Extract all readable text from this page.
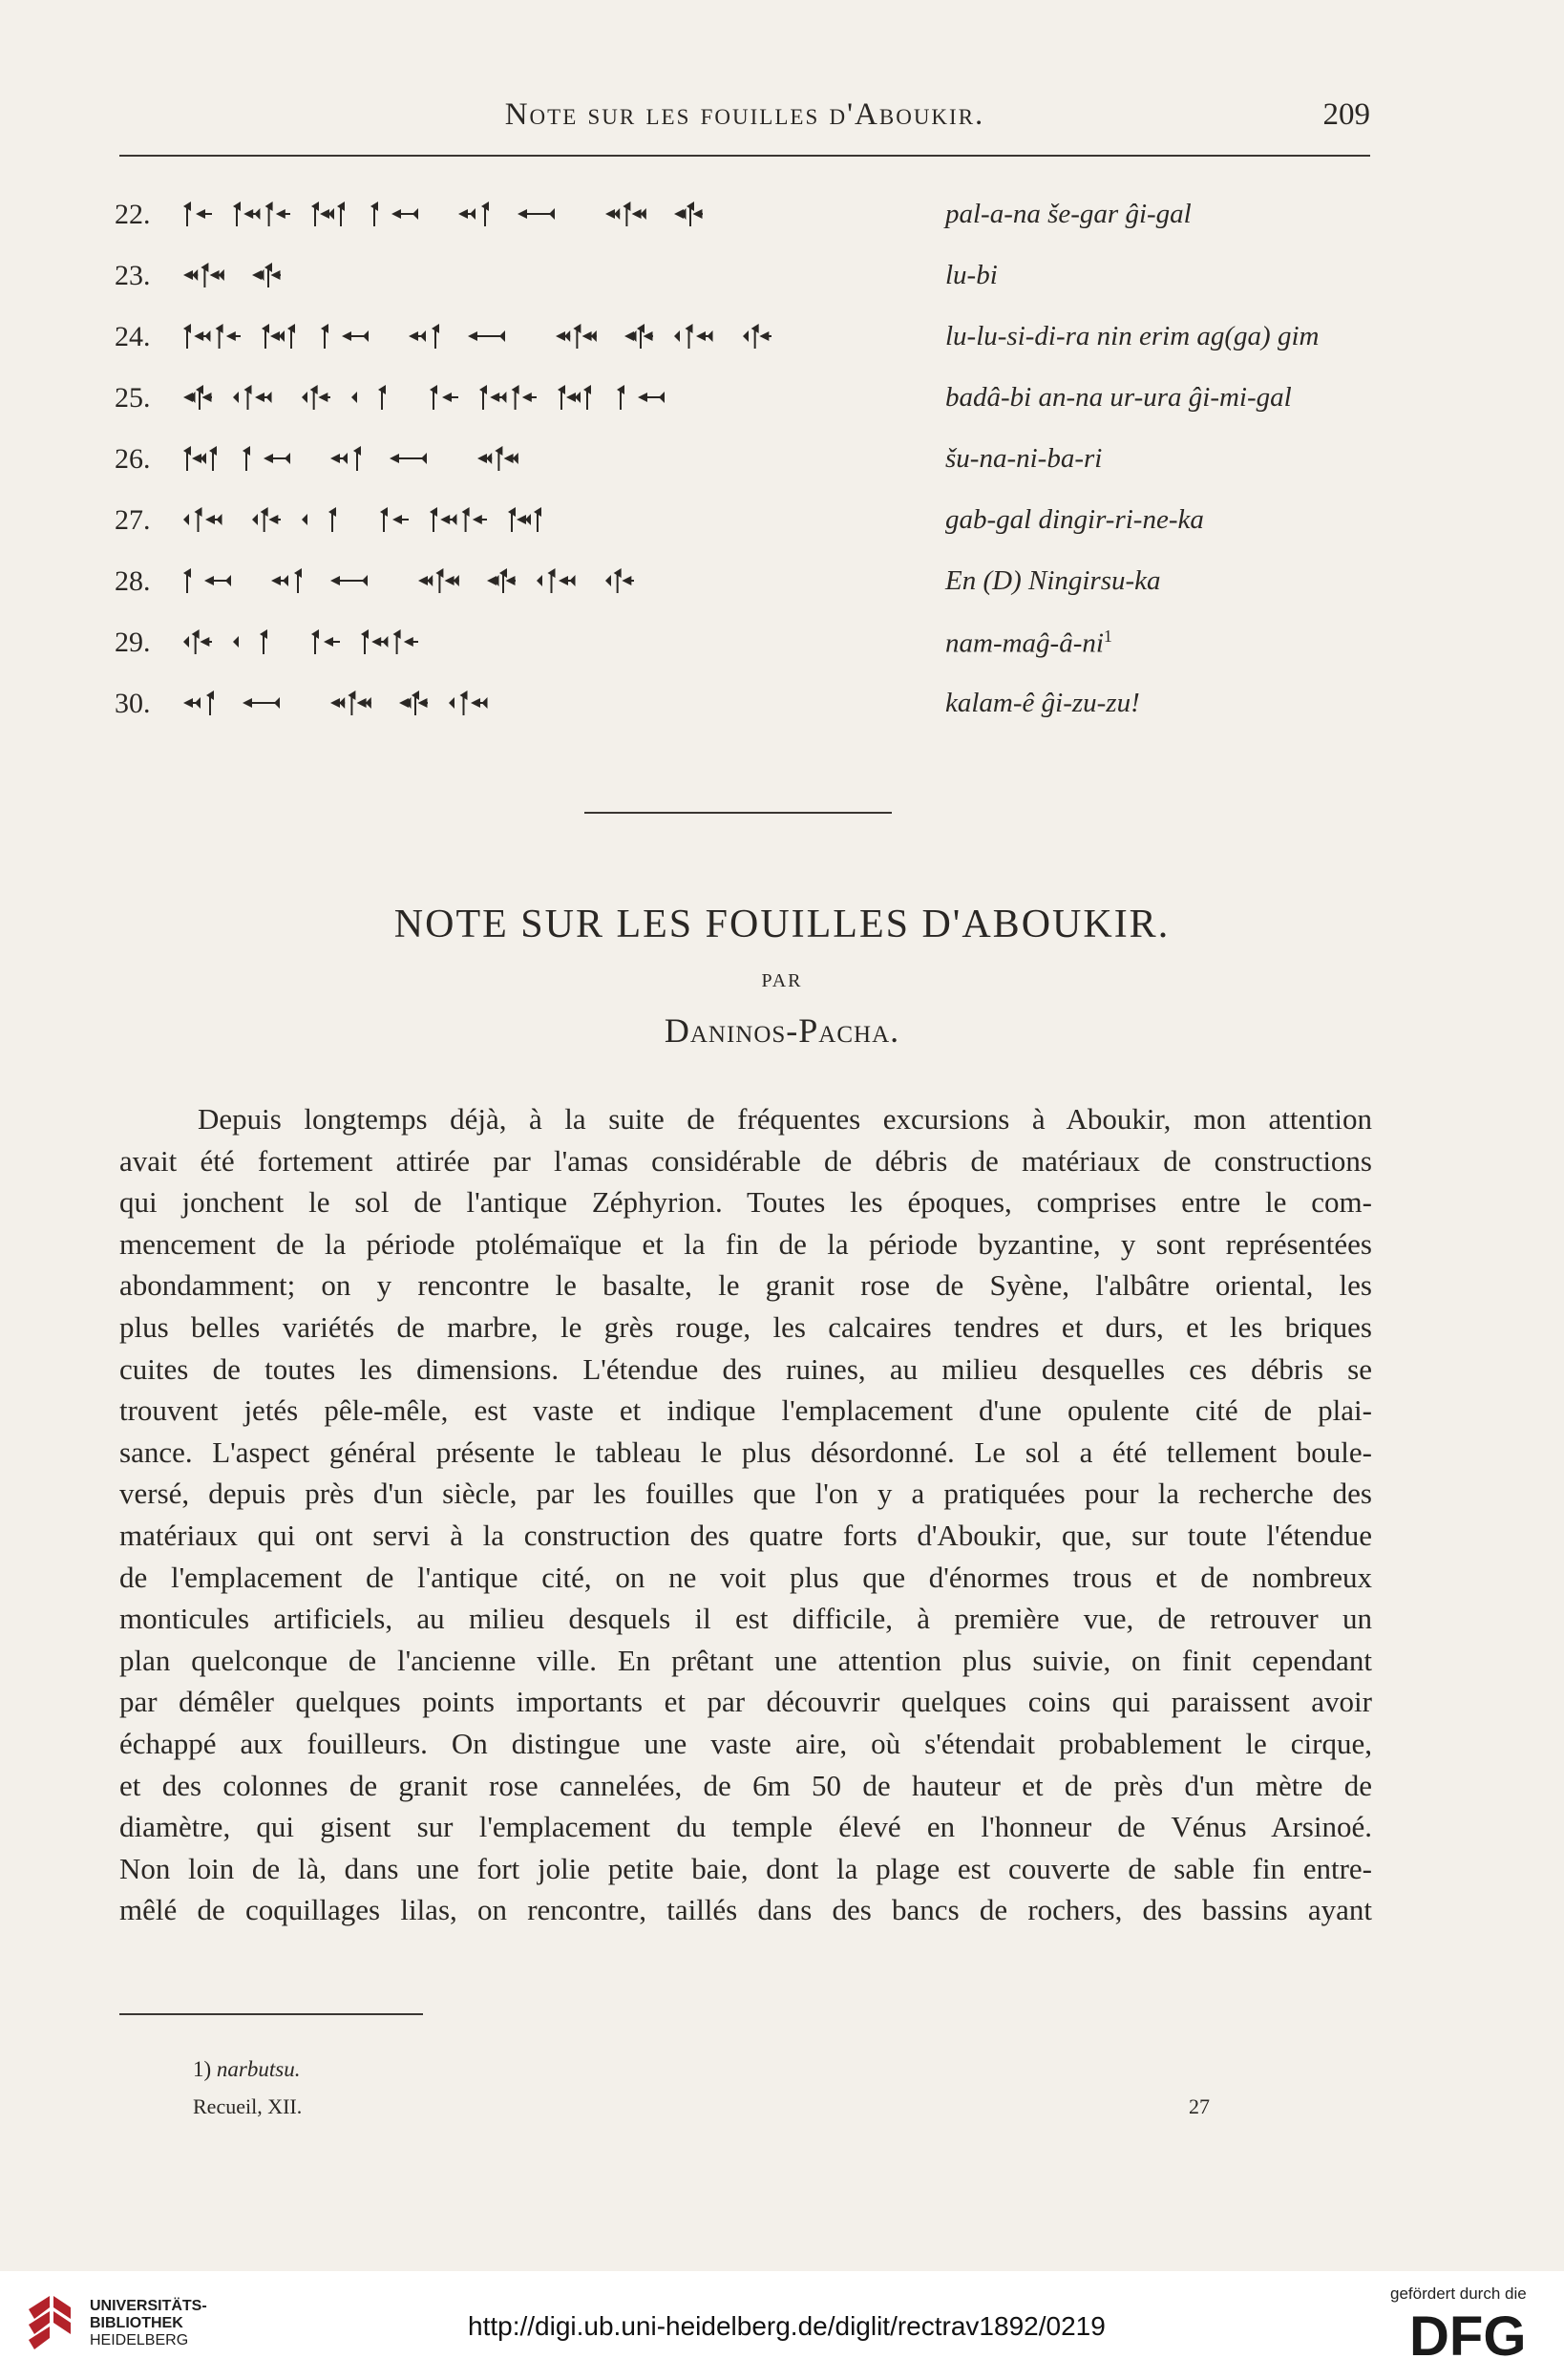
Note sur les fouilles d'Aboukir.	209
22.	pal-a-na še-gar ĝi-gal
23.	lu-bi
24.	lu-lu-si-di-ra nin erim ag(ga) gim
25.	badâ-bi an-na ur-ura ĝi-mi-gal
26.	šu-na-ni-ba-ri
27.	gab-gal dingir-ri-ne-ka
28.	En (D) Ningirsu-ka
29.	nam-$maĝ-â-ni^1$
30.	kalam-ê ĝi-zu-zu!
NOTE SUR LES FOUILLES D'ABOUKIR.
PAR
Daninos-Pacha.
Depuis longtemps déjà, à la suite de fréquentes excursions à Aboukir, mon attention
avait été fortement attirée par l'amas considérable de débris de matériaux de constructions
qui jonchent le sol de l'antique Zéphyrion. Toutes les époques, comprises entre le com-
mencement de la période ptolémaïque et la fin de la période byzantine, y sont représentées
abondamment; on y rencontre le basalte, le granit rose de Syène, l'albâtre oriental, les
plus belles variétés de marbre, le grès rouge, les calcaires tendres et durs, et les briques
cuites de toutes les dimensions. L'étendue des ruines, au milieu desquelles ces débris se
trouvent jetés pêle-mêle, est vaste et indique l'emplacement d'une opulente cité de plai-
sance. L'aspect général présente le tableau le plus désordonné. Le sol a été tellement boule-
versé, depuis près d'un siècle, par les fouilles que l'on y a pratiquées pour la recherche des
matériaux qui ont servi à la construction des quatre forts d'Aboukir, que, sur toute l'étendue
de l'emplacement de l'antique cité, on ne voit plus que d'énormes trous et de nombreux
monticules artificiels, au milieu desquels il est difficile, à première vue, de retrouver un
plan quelconque de l'ancienne ville. En prêtant une attention plus suivie, on finit cependant
par démêler quelques points importants et par découvrir quelques coins qui paraissent avoir
échappé aux fouilleurs. On distingue une vaste aire, où s'étendait probablement le cirque,
et des colonnes de granit rose cannelées, de 6m 50 de hauteur et de près d'un mètre de
diamètre, qui gisent sur l'emplacement du temple élevé en l'honneur de Vénus Arsinoé.
Non loin de là, dans une fort jolie petite baie, dont la plage est couverte de sable fin entre-
mêlé de coquillages lilas, on rencontre, taillés dans des bancs de rochers, des bassins ayant
1) narbutsu.
Recueil, XII.	27
UNIVERSITÄTS-
BIBLIOTHEK
HEIDELBERG	http://digi.ub.uni-heidelberg.de/diglit/rectrav1892/0219
gefördert durch die
DFG
